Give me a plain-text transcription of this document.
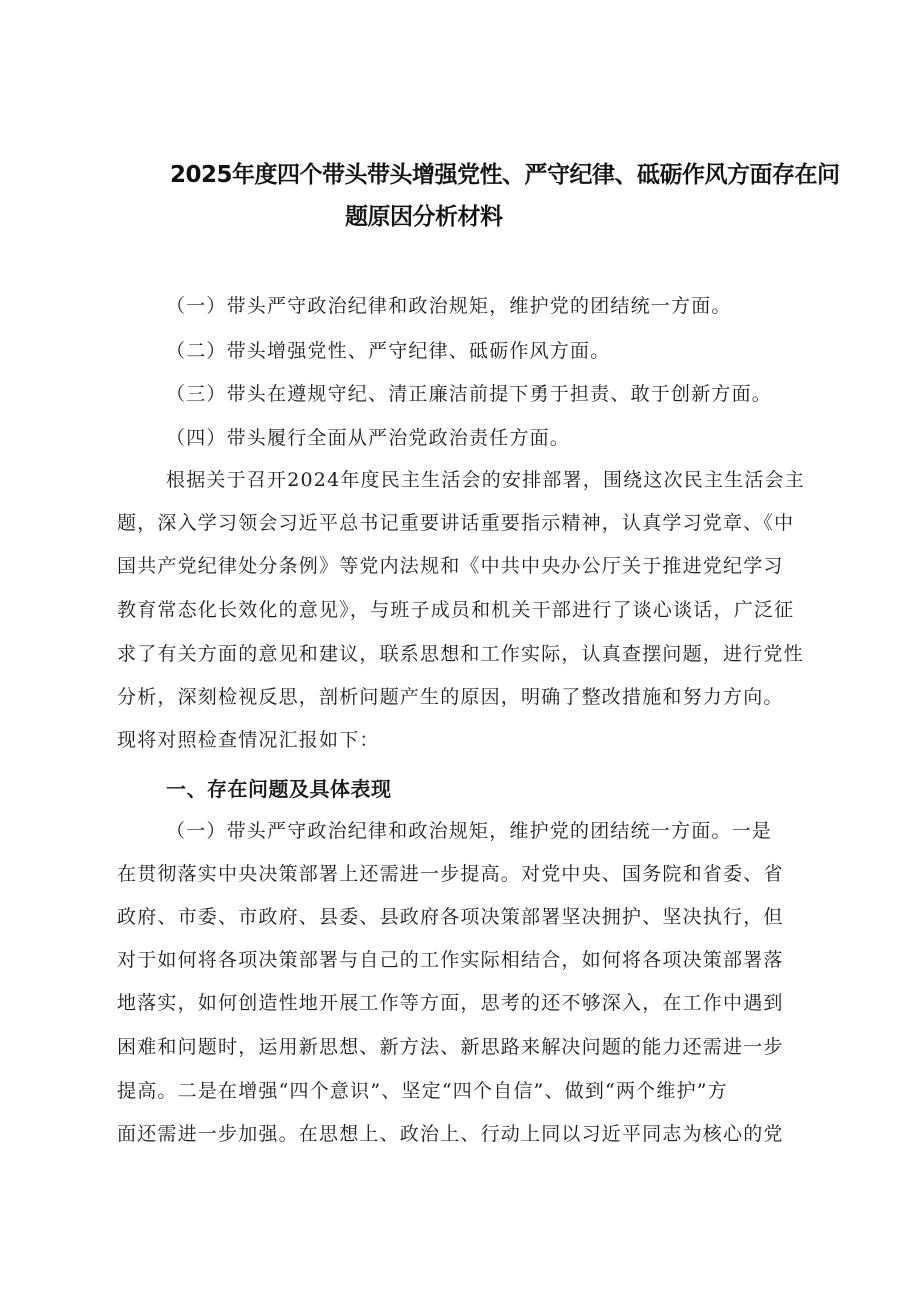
2025年度四个带头带头增强党性、严守纪律、砥砺作风方面存在问
题原因分析材料
（一）带头严守政治纪律和政治规矩，维护党的团结统一方面。
（二）带头增强党性、严守纪律、砥砺作风方面。
（三）带头在遵规守纪、清正廉洁前提下勇于担责、敢于创新方面。
（四）带头履行全面从严治党政治责任方面。
根据关于召开2024年度民主生活会的安排部署，围绕这次民主生活会主
题，深入学习领会习近平总书记重要讲话重要指示精神，认真学习党章、《中
国共产党纪律处分条例》等党内法规和《中共中央办公厅关于推进党纪学习
教育常态化长效化的意见》，与班子成员和机关干部进行了谈心谈话，广泛征
求了有关方面的意见和建议，联系思想和工作实际，认真查摆问题，进行党性
分析，深刻检视反思，剖析问题产生的原因，明确了整改措施和努力方向。
现将对照检查情况汇报如下：
一、存在问题及具体表现
（一）带头严守政治纪律和政治规矩，维护党的团结统一方面。一是
在贯彻落实中央决策部署上还需进一步提高。对党中央、国务院和省委、省
政府、市委、市政府、县委、县政府各项决策部署坚决拥护、坚决执行，但
对于如何将各项决策部署与自己的工作实际相结合，如何将各项决策部署落
地落实，如何创造性地开展工作等方面，思考的还不够深入，在工作中遇到
困难和问题时，运用新思想、新方法、新思路来解决问题的能力还需进一步
提高。二是在增强“四个意识”、坚定“四个自信”、做到“两个维护”方
面还需进一步加强。在思想上、政治上、行动上同以习近平同志为核心的党
